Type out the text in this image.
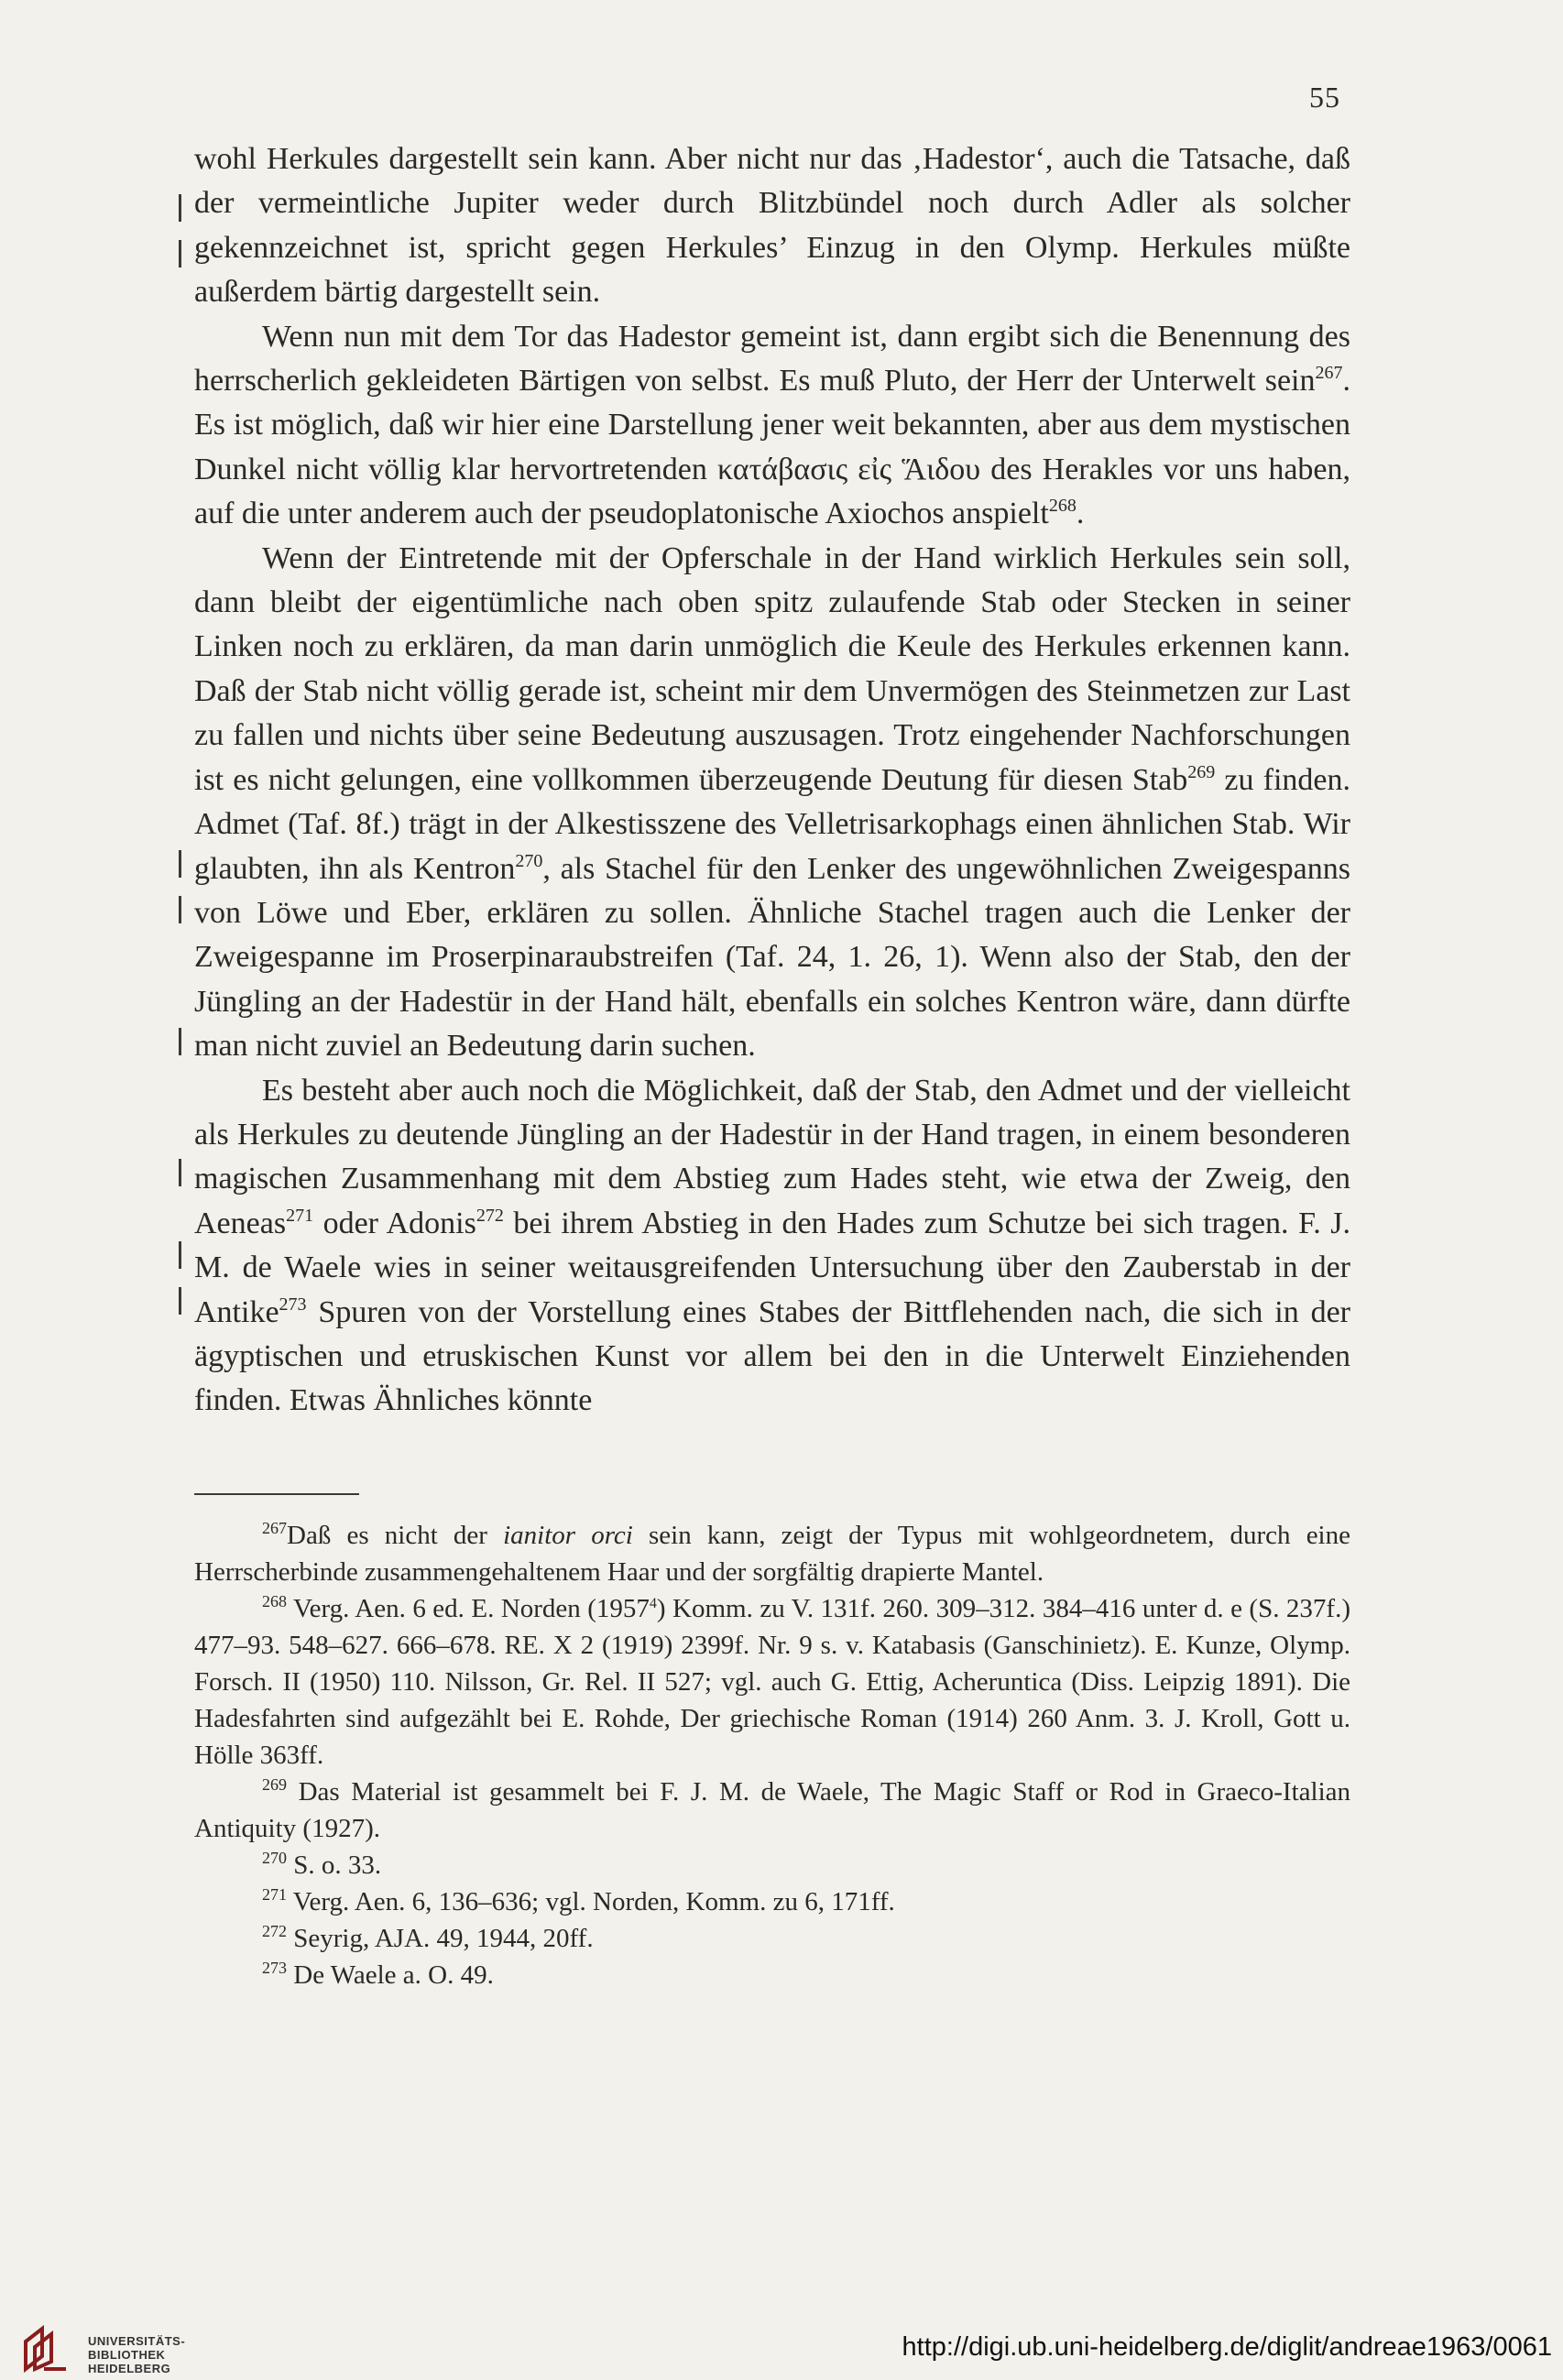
55

wohl Herkules dargestellt sein kann. Aber nicht nur das ‚Hadestor‘, auch die Tatsache, daß der vermeintliche Jupiter weder durch Blitzbündel noch durch Adler als solcher gekennzeichnet ist, spricht gegen Herkules’ Einzug in den Olymp. Herkules müßte außerdem bärtig dargestellt sein.

Wenn nun mit dem Tor das Hadestor gemeint ist, dann ergibt sich die Benennung des herrscherlich gekleideten Bärtigen von selbst. Es muß Pluto, der Herr der Unterwelt sein$^{267}$. Es ist möglich, daß wir hier eine Darstellung jener weit bekannten, aber aus dem mystischen Dunkel nicht völlig klar hervortretenden κατάβασις εἰς Ἅιδου des Herakles vor uns haben, auf die unter anderem auch der pseudoplatonische Axiochos anspielt$^{268}$.

Wenn der Eintretende mit der Opferschale in der Hand wirklich Herkules sein soll, dann bleibt der eigentümliche nach oben spitz zulaufende Stab oder Stecken in seiner Linken noch zu erklären, da man darin unmöglich die Keule des Herkules erkennen kann. Daß der Stab nicht völlig gerade ist, scheint mir dem Unvermögen des Steinmetzen zur Last zu fallen und nichts über seine Bedeutung auszusagen. Trotz eingehender Nachforschungen ist es nicht gelungen, eine vollkommen überzeugende Deutung für diesen Stab$^{269}$ zu finden. Admet (Taf. 8f.) trägt in der Alkestisszene des Velletrisarkophags einen ähnlichen Stab. Wir glaubten, ihn als Kentron$^{270}$, als Stachel für den Lenker des ungewöhnlichen Zweigespanns von Löwe und Eber, erklären zu sollen. Ähnliche Stachel tragen auch die Lenker der Zweigespanne im Proserpinaraubstreifen (Taf. 24, 1. 26, 1). Wenn also der Stab, den der Jüngling an der Hadestür in der Hand hält, ebenfalls ein solches Kentron wäre, dann dürfte man nicht zuviel an Bedeutung darin suchen.

Es besteht aber auch noch die Möglichkeit, daß der Stab, den Admet und der vielleicht als Herkules zu deutende Jüngling an der Hadestür in der Hand tragen, in einem besonderen magischen Zusammenhang mit dem Abstieg zum Hades steht, wie etwa der Zweig, den Aeneas$^{271}$ oder Adonis$^{272}$ bei ihrem Abstieg in den Hades zum Schutze bei sich tragen. F. J. M. de Waele wies in seiner weitausgreifenden Untersuchung über den Zauberstab in der Antike$^{273}$ Spuren von der Vorstellung eines Stabes der Bittflehenden nach, die sich in der ägyptischen und etruskischen Kunst vor allem bei den in die Unterwelt Einziehenden finden. Etwas Ähnliches könnte

$^{267}$Daß es nicht der ianitor orci sein kann, zeigt der Typus mit wohlgeordnetem, durch eine Herrscherbinde zusammengehaltenem Haar und der sorgfältig drapierte Mantel.

$^{268}$ Verg. Aen. 6 ed. E. Norden (1957$^4$) Komm. zu V. 131f. 260. 309–312. 384–416 unter d. e (S. 237f.) 477–93. 548–627. 666–678. RE. X 2 (1919) 2399f. Nr. 9 s. v. Katabasis (Ganschinietz). E. Kunze, Olymp. Forsch. II (1950) 110. Nilsson, Gr. Rel. II 527; vgl. auch G. Ettig, Acheruntica (Diss. Leipzig 1891). Die Hadesfahrten sind aufgezählt bei E. Rohde, Der griechische Roman (1914) 260 Anm. 3. J. Kroll, Gott u. Hölle 363ff.

$^{269}$ Das Material ist gesammelt bei F. J. M. de Waele, The Magic Staff or Rod in Graeco-Italian Antiquity (1927).

$^{270}$ S. o. 33.

$^{271}$ Verg. Aen. 6, 136–636; vgl. Norden, Komm. zu 6, 171ff.

$^{272}$ Seyrig, AJA. 49, 1944, 20ff.

$^{273}$ De Waele a. O. 49.

UNIVERSITÄTS-
BIBLIOTHEK
HEIDELBERG
http://digi.ub.uni-heidelberg.de/diglit/andreae1963/0061
